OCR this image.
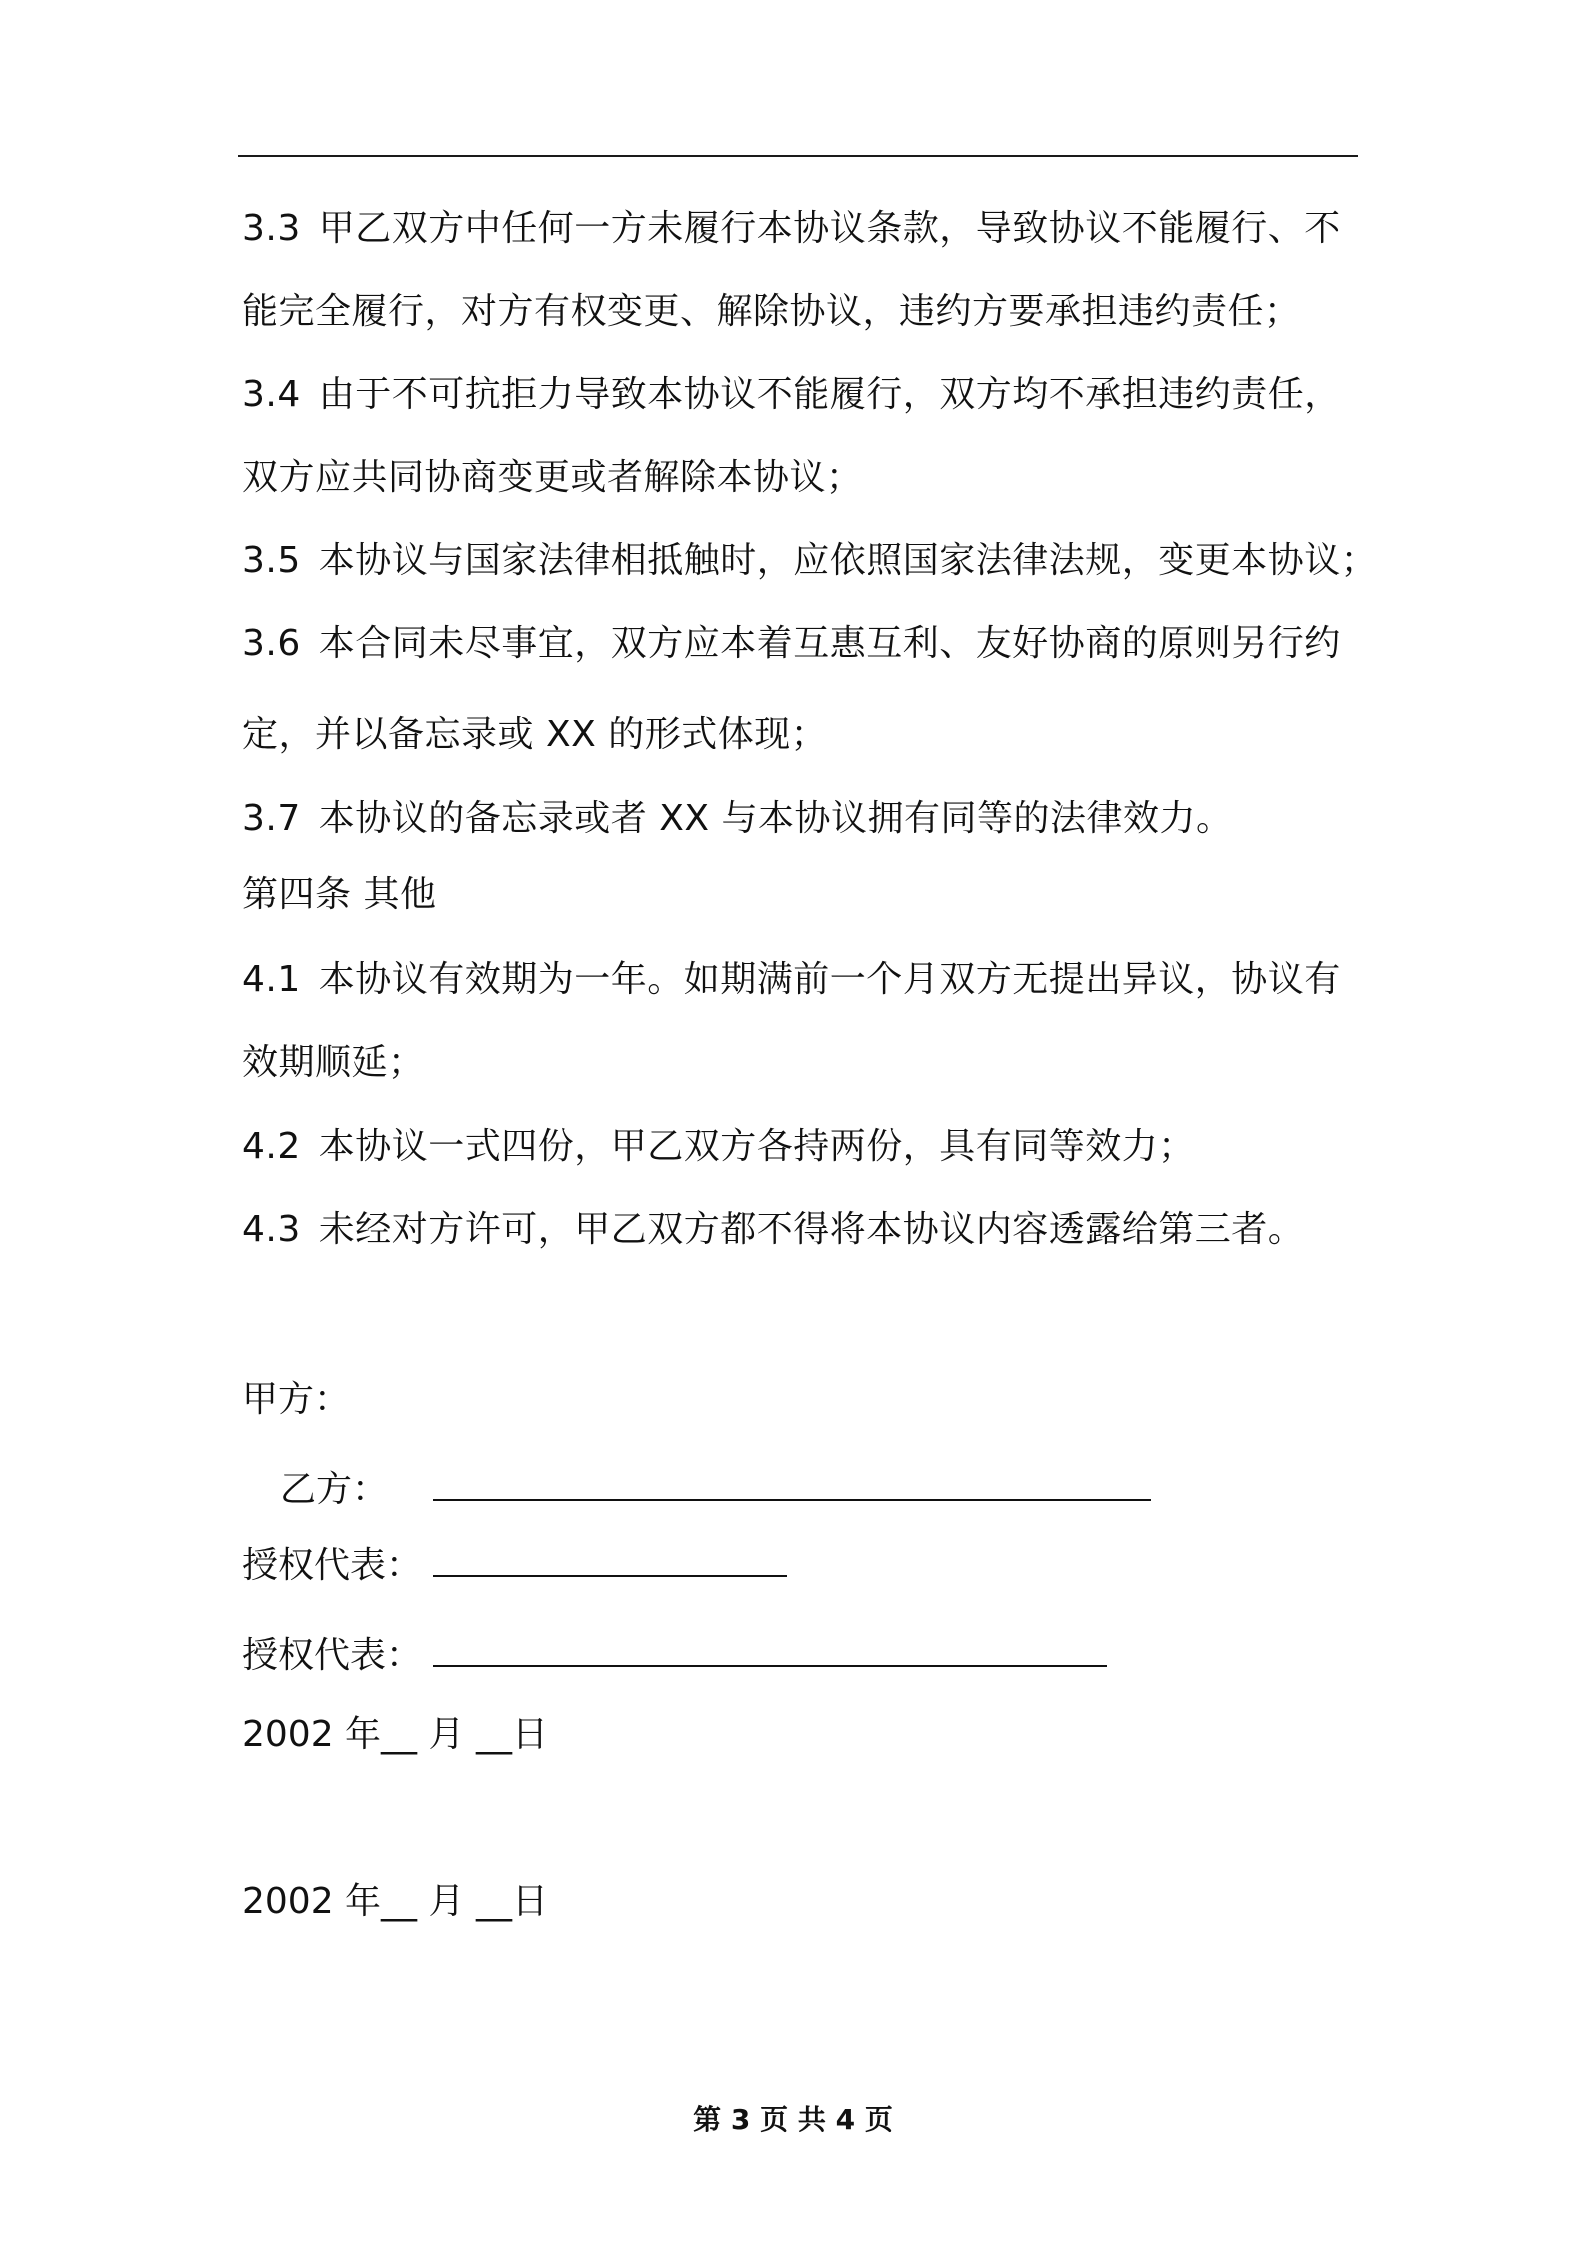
3.3 甲乙双方中任何一方未履行本协议条款，导致协议不能履行、不
能完全履行，对方有权变更、解除协议，违约方要承担违约责任；
3.4 由于不可抗拒力导致本协议不能履行，双方均不承担违约责任，
双方应共同协商变更或者解除本协议；
3.5 本协议与国家法律相抵触时，应依照国家法律法规，变更本协议；
3.6 本合同未尽事宜，双方应本着互惠互利、友好协商的原则另行约
定，并以备忘录或 XX 的形式体现；
3.7 本协议的备忘录或者 XX 与本协议拥有同等的法律效力。
第四条 其他
4.1 本协议有效期为一年。如期满前一个月双方无提出异议，协议有
效期顺延；
4.2 本协议一式四份，甲乙双方各持两份，具有同等效力；
4.3 未经对方许可，甲乙双方都不得将本协议内容透露给第三者。
甲方：
乙方：
授权代表：
授权代表：
2002 年__ 月 __日
2002 年__ 月 __日
第 3 页 共 4 页
